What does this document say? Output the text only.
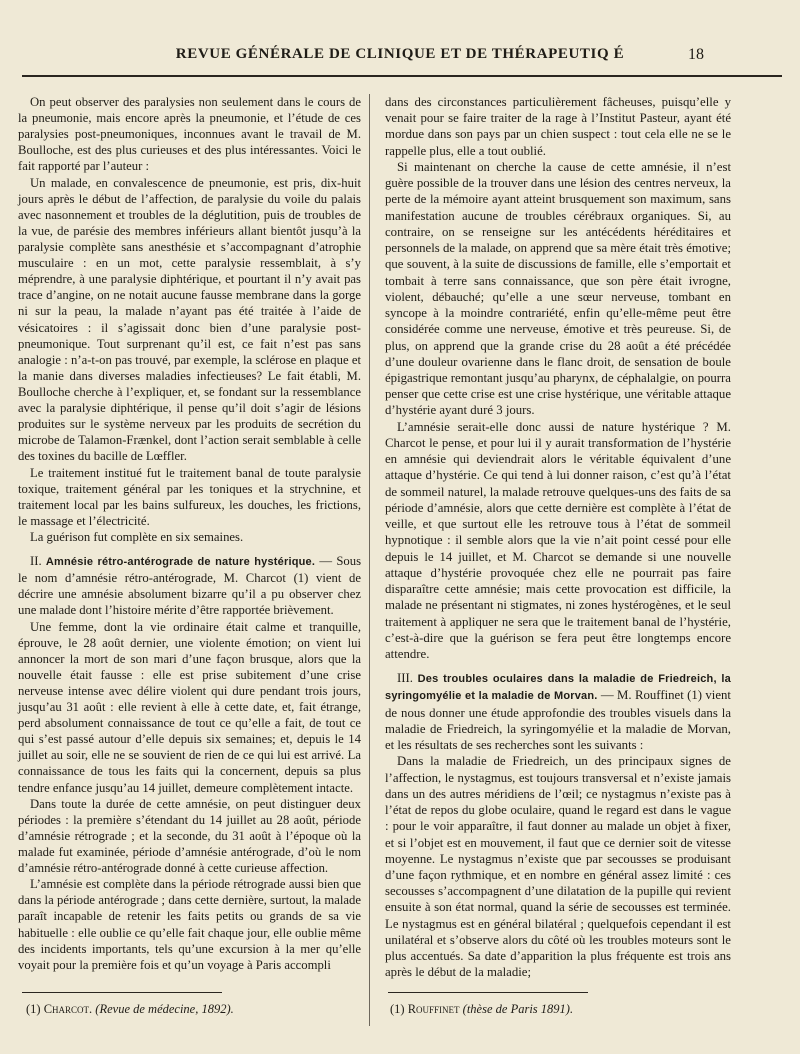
REVUE GÉNÉRALE DE CLINIQUE ET DE THÉRAPEUTIQ É	18

On peut observer des paralysies non seulement dans le cours de la pneumonie, mais encore après la pneumonie, et l’étude de ces paralysies post-pneumoniques, inconnues avant le travail de M. Boulloche, est des plus curieuses et des plus intéressantes. Voici le fait rapporté par l’auteur :

Un malade, en convalescence de pneumonie, est pris, dix-huit jours après le début de l’affection, de paralysie du voile du palais avec nasonnement et troubles de la déglutition, puis de troubles de la vue, de parésie des membres inférieurs allant bientôt jusqu’à la paralysie complète sans anesthésie et s’accompagnant d’atrophie musculaire : en un mot, cette paralysie ressemblait, à s’y méprendre, à une paralysie diphtérique, et pourtant il n’y avait pas trace d’angine, on ne notait aucune fausse membrane dans la gorge ni sur la peau, la malade n’ayant pas été traitée à l’aide de vésicatoires : il s’agissait donc bien d’une paralysie post-pneumonique. Tout surprenant qu’il est, ce fait n’est pas sans analogie : n’a-t-on pas trouvé, par exemple, la sclérose en plaque et la manie dans diverses maladies infectieuses? Le fait établi, M. Boulloche cherche à l’expliquer, et, se fondant sur la ressemblance avec la paralysie diphtérique, il pense qu’il doit s’agir de lésions produites sur le système nerveux par les produits de secrétion du microbe de Talamon-Frænkel, dont l’action serait semblable à celle des toxines du bacille de Lœffler.

Le traitement institué fut le traitement banal de toute paralysie toxique, traitement général par les toniques et la strychnine, et traitement local par les bains sulfureux, les douches, les frictions, le massage et l’électricité.

La guérison fut complète en six semaines.

II. Amnésie rétro-antérograde de nature hystérique. — Sous le nom d’amnésie rétro-antérograde, M. Charcot (1) vient de décrire une amnésie absolument bizarre qu’il a pu observer chez une malade dont l’histoire mérite d’être rapportée brièvement.

Une femme, dont la vie ordinaire était calme et tranquille, éprouve, le 28 août dernier, une violente émotion; on vient lui annoncer la mort de son mari d’une façon brusque, alors que la nouvelle était fausse : elle est prise subitement d’une crise nerveuse intense avec délire violent qui dure pendant trois jours, jusqu’au 31 août : elle revient à elle à cette date, et, fait étrange, perd absolument connaissance de tout ce qu’elle a fait, de tout ce qui s’est passé autour d’elle depuis six semaines; et, depuis le 14 juillet au soir, elle ne se souvient de rien de ce qui lui est arrivé. La connaissance de tous les faits qui la concernent, depuis sa plus tendre enfance jusqu’au 14 juillet, demeure complètement intacte.

Dans toute la durée de cette amnésie, on peut distinguer deux périodes : la première s’étendant du 14 juillet au 28 août, période d’amnésie rétrograde ; et la seconde, du 31 août à l’époque où la malade fut examinée, période d’amnésie antérograde, d’où le nom d’amnésie rétro-antérograde donné à cette curieuse affection.

L’amnésie est complète dans la période rétrograde aussi bien que dans la période antérograde ; dans cette dernière, surtout, la malade paraît incapable de retenir les faits petits ou grands de sa vie habituelle : elle oublie ce qu’elle fait chaque jour, elle oublie même des incidents importants, tels qu’une excursion à la mer qu’elle voyait pour la première fois et qu’un voyage à Paris accompli

dans des circonstances particulièrement fâcheuses, puisqu’elle y venait pour se faire traiter de la rage à l’Institut Pasteur, ayant été mordue dans son pays par un chien suspect : tout cela elle ne se le rappelle plus, elle a tout oublié.

Si maintenant on cherche la cause de cette amnésie, il n’est guère possible de la trouver dans une lésion des centres nerveux, la perte de la mémoire ayant atteint brusquement son maximum, sans manifestation aucune de troubles cérébraux organiques. Si, au contraire, on se renseigne sur les antécédents héréditaires et personnels de la malade, on apprend que sa mère était très émotive; que souvent, à la suite de discussions de famille, elle s’emportait et tombait à terre sans connaissance, que son père était ivrogne, violent, débauché; qu’elle a une sœur nerveuse, tombant en syncope à la moindre contrariété, enfin qu’elle-même peut être considérée comme une nerveuse, émotive et très peureuse. Si, de plus, on apprend que la grande crise du 28 août a été précédée d’une douleur ovarienne dans le flanc droit, de sensation de boule épigastrique remontant jusqu’au pharynx, de céphalalgie, on pourra penser que cette crise est une crise hystérique, une véritable attaque d’hystérie ayant duré 3 jours.

L’amnésie serait-elle donc aussi de nature hystérique ? M. Charcot le pense, et pour lui il y aurait transformation de l’hystérie en amnésie qui deviendrait alors le véritable équivalent d’une attaque d’hystérie. Ce qui tend à lui donner raison, c’est qu’à l’état de sommeil naturel, la malade retrouve quelques-uns des faits de sa période d’amnésie, alors que cette dernière est complète à l’état de veille, et que surtout elle les retrouve tous à l’état de sommeil hypnotique : il semble alors que la vie n’ait point cessé pour elle depuis le 14 juillet, et M. Charcot se demande si une nouvelle attaque d’hystérie provoquée chez elle ne pourrait pas faire disparaître cette amnésie; mais cette provocation est difficile, la malade ne présentant ni stigmates, ni zones hystérogènes, et le seul traitement à appliquer ne sera que le traitement banal de l’hystérie, c’est-à-dire que la guérison se fera peut être longtemps encore attendre.

III. Des troubles oculaires dans la maladie de Friedreich, la syringomyélie et la maladie de Morvan. — M. Rouffinet (1) vient de nous donner une étude approfondie des troubles visuels dans la maladie de Friedreich, la syringomyélie et la maladie de Morvan, et les résultats de ses recherches sont les suivants :

Dans la maladie de Friedreich, un des principaux signes de l’affection, le nystagmus, est toujours transversal et n’existe jamais dans un des autres méridiens de l’œil; ce nystagmus n’existe pas à l’état de repos du globe oculaire, quand le regard est dans le vague : pour le voir apparaître, il faut donner au malade un objet à fixer, et si l’objet est en mouvement, il faut que ce dernier soit de vitesse moyenne. Le nystagmus n’existe que par secousses se produisant d’une façon rythmique, et en nombre en général assez limité : ces secousses s’accompagnent d’une dilatation de la pupille qui revient ensuite à son état normal, quand la série de secousses est terminée. Le nystagmus est en général bilatéral ; quelquefois cependant il est unilatéral et s’observe alors du côté où les troubles moteurs sont le plus accentués. Sa date d’apparition la plus fréquente est trois ans après le début de la maladie;

(1) Charcot. (Revue de médecine, 1892).	(1) Rouffinet (thèse de Paris 1891).
